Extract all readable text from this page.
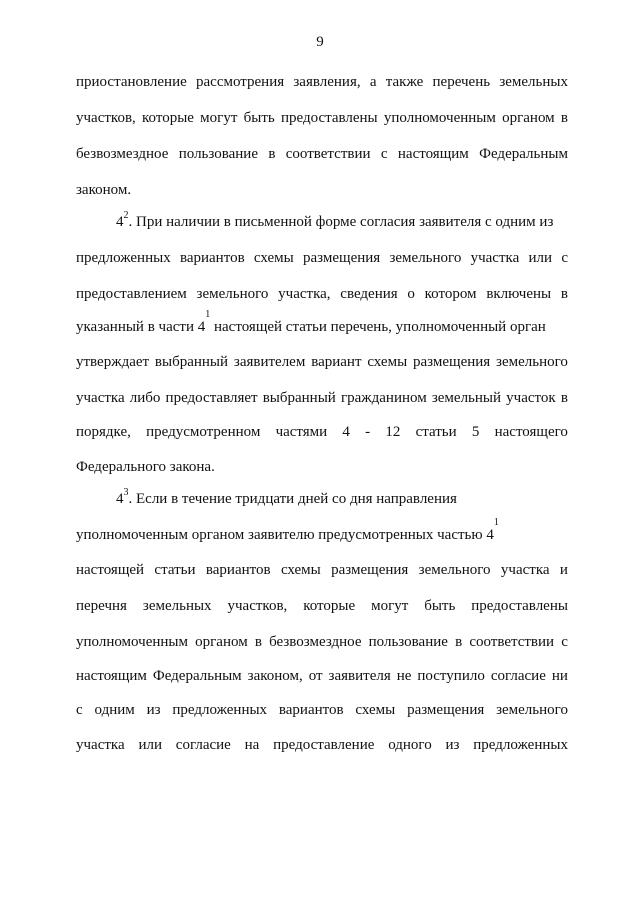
9
приостановление рассмотрения заявления, а также перечень земельных
участков, которые могут быть предоставлены уполномоченным органом в
безвозмездное пользование в соответствии с настоящим Федеральным
законом.
$4^2$ . При наличии в письменной форме согласия заявителя с одним из
предложенных вариантов схемы размещения земельного участка или с
предоставлением земельного участка, сведения о котором включены в
указанный в части 4
$^1$
настоящей статьи перечень, уполномоченный орган
утверждает выбранный заявителем вариант схемы размещения земельного
участка либо предоставляет выбранный гражданином земельный участок в
порядке, предусмотренном частями 4 - 12 статьи 5 настоящего
Федерального закона.
$4^3$ . Если в течение тридцати дней со дня направления
уполномоченным органом заявителю предусмотренных частью 4
$^1$
настоящей статьи вариантов схемы размещения земельного участка и
перечня земельных участков, которые могут быть предоставлены
уполномоченным органом в безвозмездное пользование в соответствии с
настоящим Федеральным законом, от заявителя не поступило согласие ни
с одним из предложенных вариантов схемы размещения земельного
участка или согласие на предоставление одного из предложенных
